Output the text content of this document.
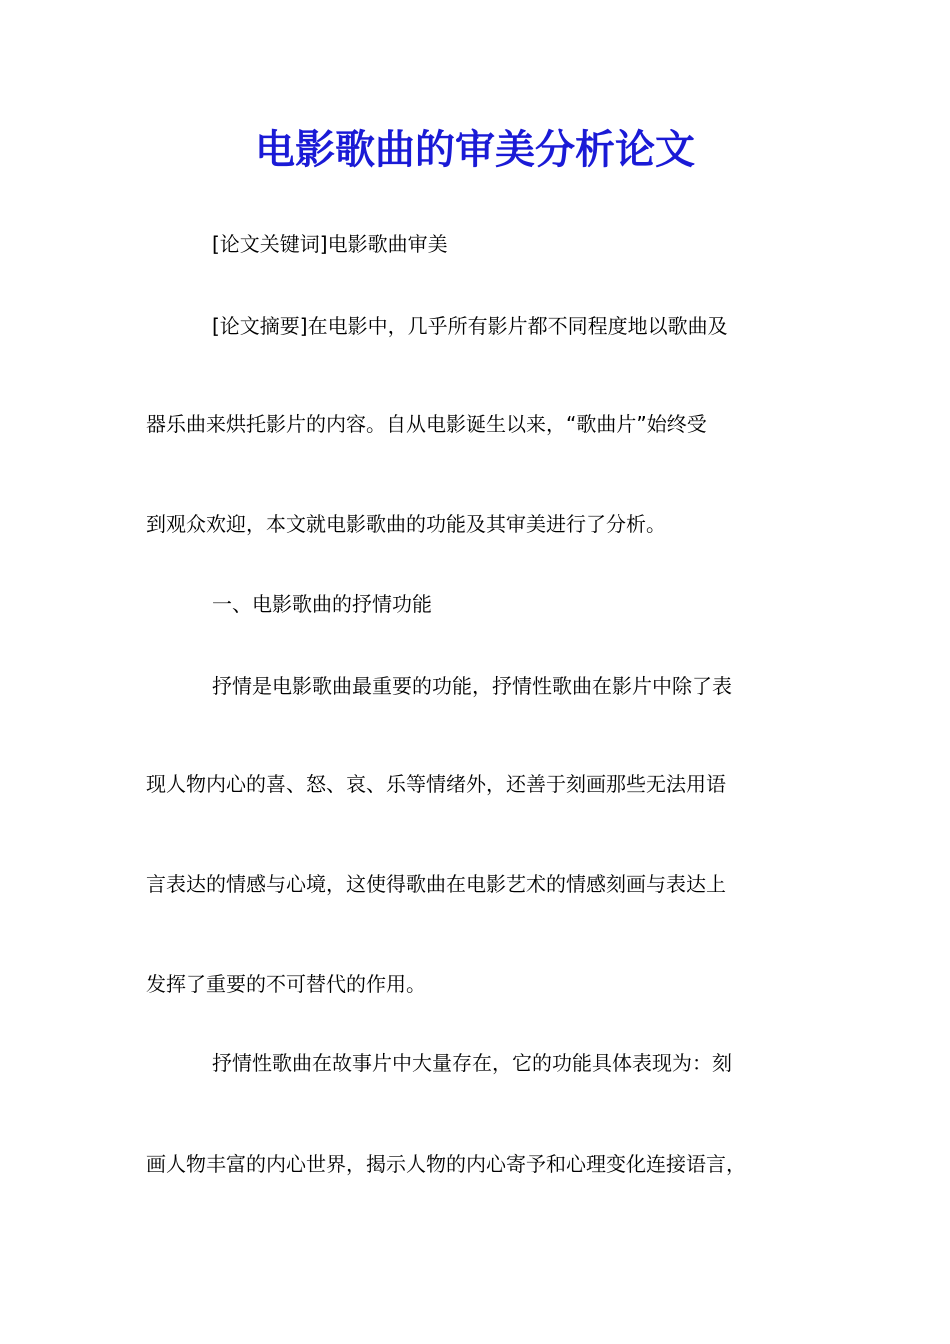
电影歌曲的审美分析论文

[论文关键词]电影歌曲审美

[论文摘要]在电影中，几乎所有影片都不同程度地以歌曲及

器乐曲来烘托影片的内容。自从电影诞生以来，“歌曲片”始终受

到观众欢迎，本文就电影歌曲的功能及其审美进行了分析。

一、电影歌曲的抒情功能

抒情是电影歌曲最重要的功能，抒情性歌曲在影片中除了表

现人物内心的喜、怒、哀、乐等情绪外，还善于刻画那些无法用语

言表达的情感与心境，这使得歌曲在电影艺术的情感刻画与表达上

发挥了重要的不可替代的作用。

抒情性歌曲在故事片中大量存在，它的功能具体表现为：刻

画人物丰富的内心世界，揭示人物的内心寄予和心理变化连接语言，
